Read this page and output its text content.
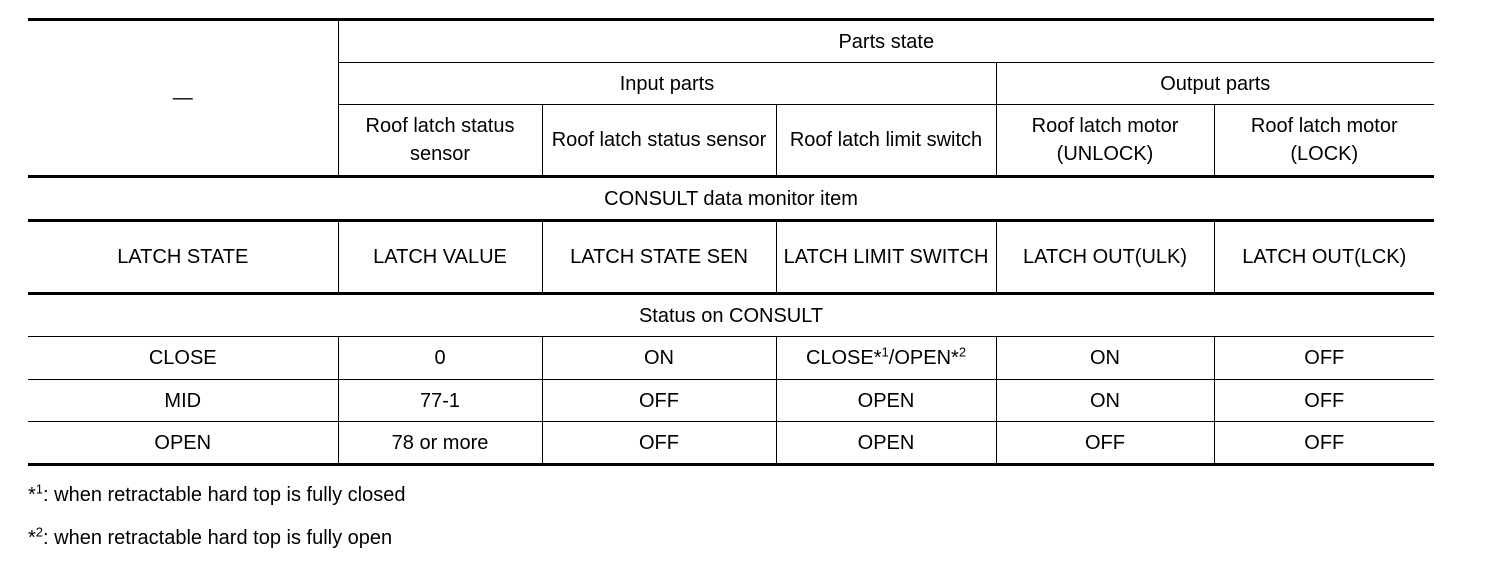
—	Parts state				
	Input parts			Output parts	
	Roof latch status sensor	Roof latch status sensor	Roof latch limit switch	Roof latch motor (UNLOCK)	Roof latch motor (LOCK)
CONSULT data monitor item					
LATCH STATE	LATCH VALUE	LATCH STATE SEN	LATCH LIMIT SWITCH	LATCH OUT(ULK)	LATCH OUT(LCK)
Status on CONSULT					
CLOSE	0	ON	CLOSE*$^1$/OPEN*$^2$	ON	OFF
MID	77-1	OFF	OPEN	ON	OFF
OPEN	78 or more	OFF	OPEN	OFF	OFF
*$^1$: when retractable hard top is fully closed
*$^2$: when retractable hard top is fully open
